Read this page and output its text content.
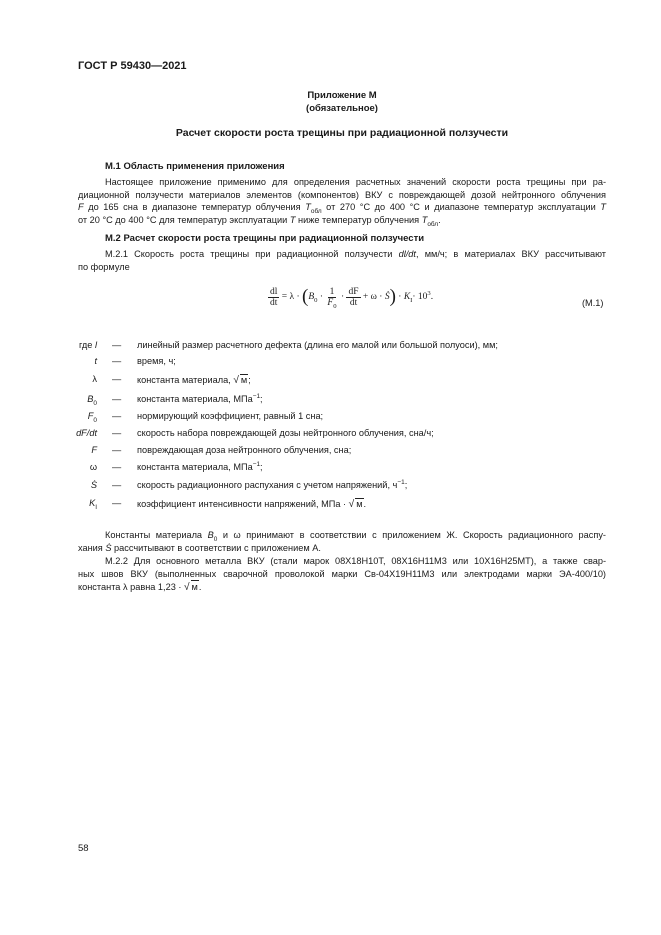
ГОСТ Р 59430—2021
Приложение М
(обязательное)
Расчет скорости роста трещины при радиационной ползучести
М.1 Область применения приложения
Настоящее приложение применимо для определения расчетных значений скорости роста трещины при ра-
диационной ползучести материалов элементов (компонентов) ВКУ с повреждающей дозой нейтронного облучения
F до 165 сна в диапазоне температур облучения $T_{обл}$ от 270 °С до 400 °С и диапазоне температур эксплуатации T
от 20 °С до 400 °С для температур эксплуатации T ниже температур облучения $T_{обл}$.
М.2 Расчет скорости роста трещины при радиационной ползучести
М.2.1 Скорость роста трещины при радиационной ползучести dl/dt, мм/ч; в материалах ВКУ рассчитывают
по формуле
$\frac{dl}{dt} = \lambda \cdot (B_0 \cdot \frac{1}{F_0} \cdot \frac{dF}{dt} + \omega$ · Ṡ) · $K_I\cdot 10^3$.
(М.1)
где l — линейный размер расчетного дефекта (длина его малой или большой полуоси), мм;
t — время, ч;
λ — константа материала, √ м;
$B_0$ — константа материала, МПа$^{-1}$;
$F_0$ — нормирующий коэффициент, равный 1 сна;
dF/dt — скорость набора повреждающей дозы нейтронного облучения, сна/ч;
F — повреждающая доза нейтронного облучения, сна;
ω — константа материала, МПа$^{-1}$;
Ṡ — скорость радиационного распухания с учетом напряжений, $ч^{-1}$;
$K_I$ — коэффициент интенсивности напряжений, МПа · √ м.
Константы материала $B_0$ и ω принимают в соответствии с приложением Ж. Скорость радиационного распу-
хания Ṡ рассчитывают в соответствии с приложением А.
М.2.2 Для основного металла ВКУ (стали марок 08Х18Н10Т, 08Х16Н11М3 или 10Х16Н25МТ), а также свар-
ных швов ВКУ (выполненных сварочной проволокой марки Св-04Х19Н11М3 или электродами марки ЭА-400/10)
константа λ равна 1,23 · √ м.
58
